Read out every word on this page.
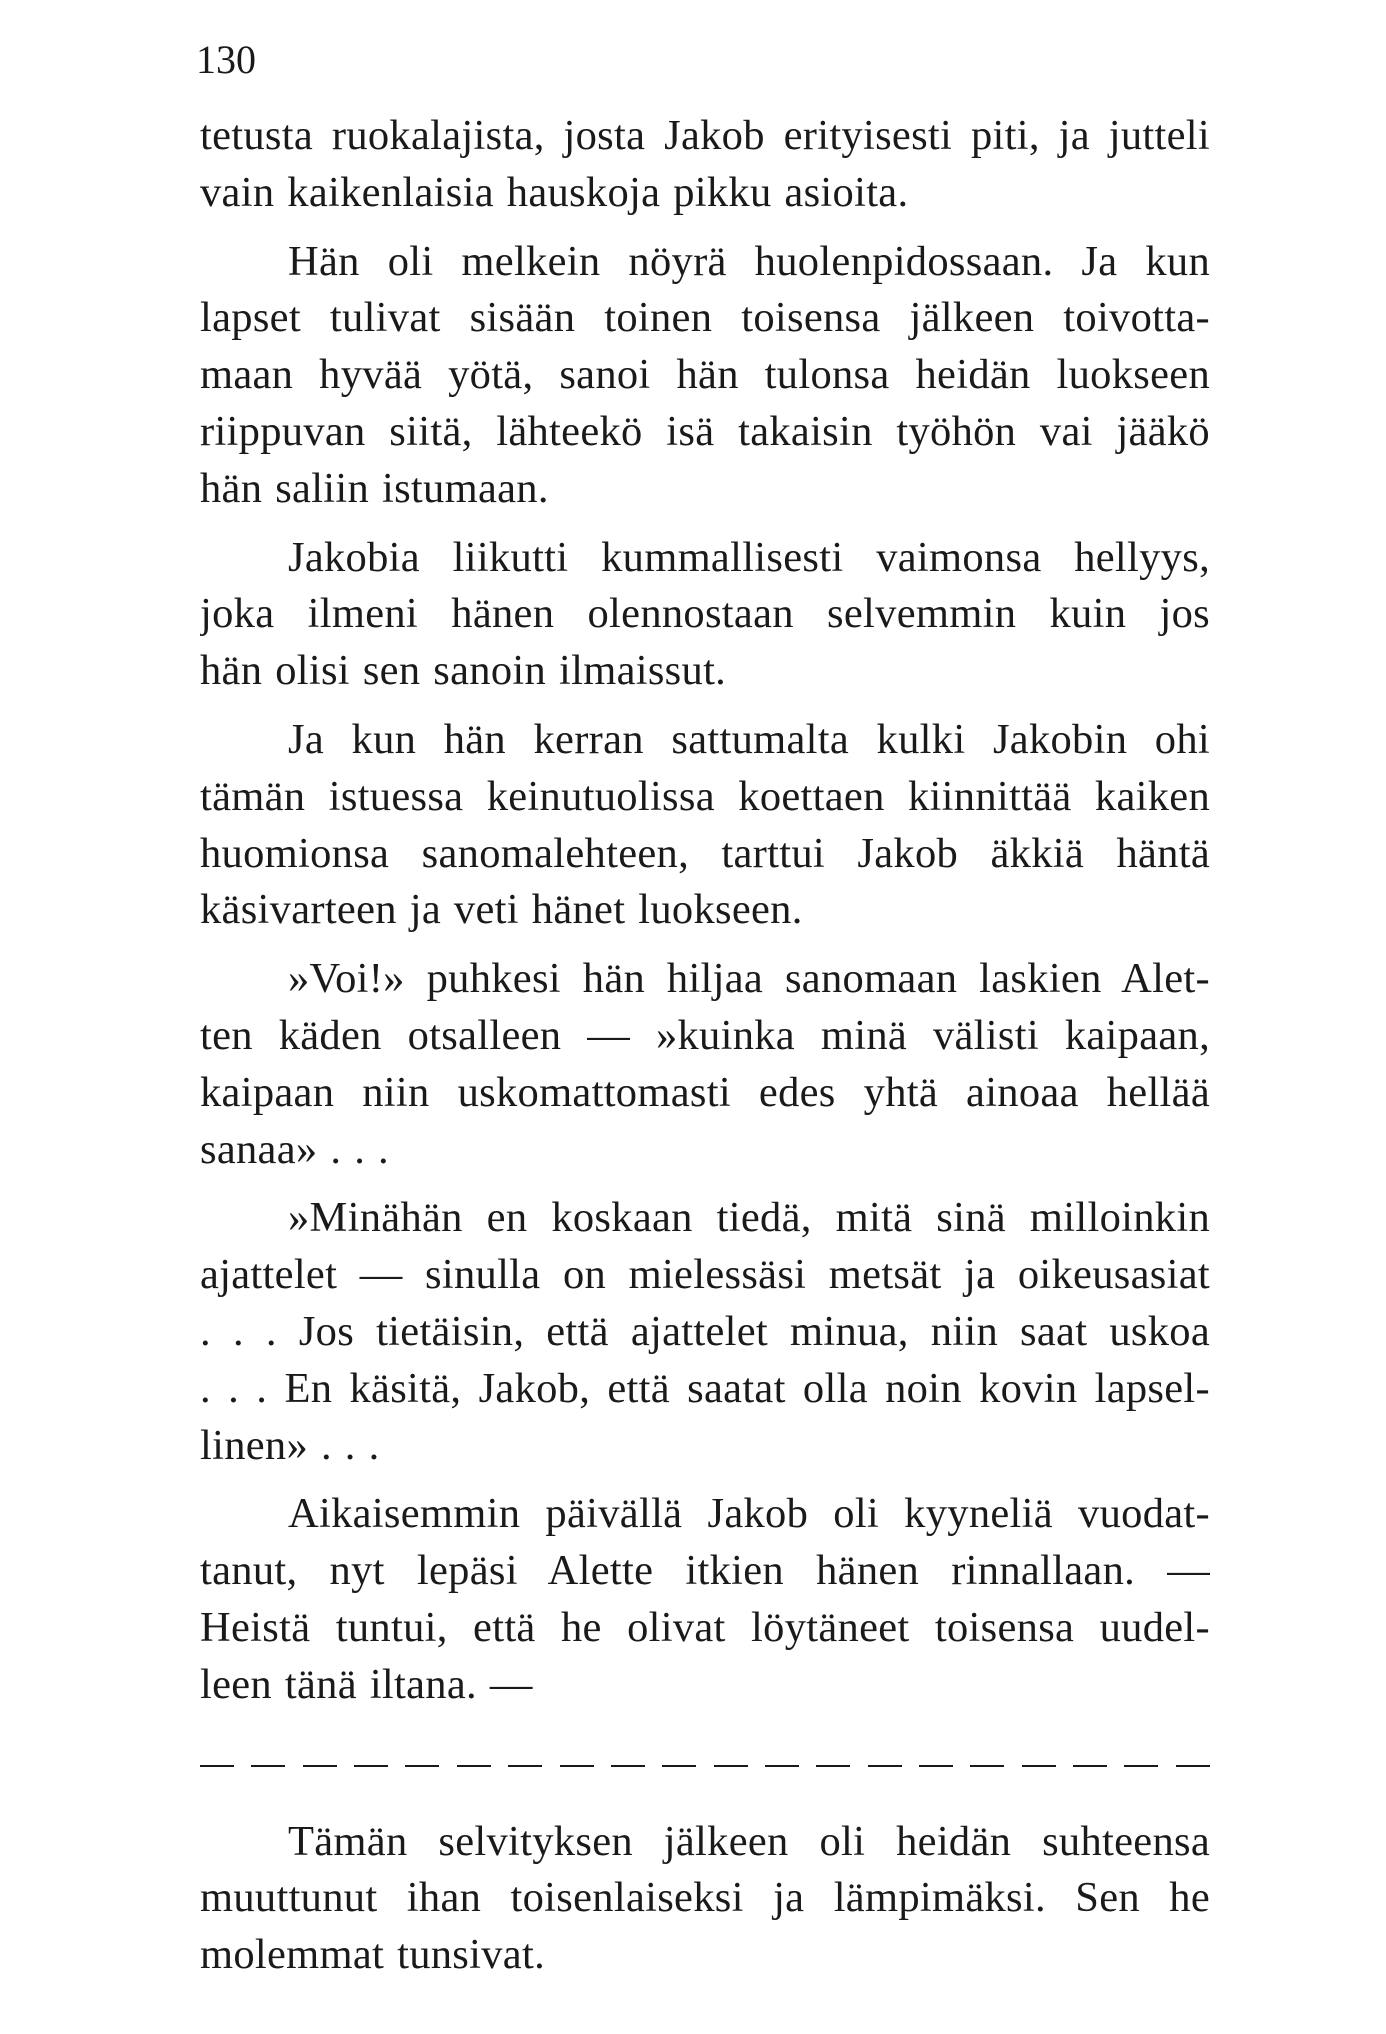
130
tetusta ruokalajista, josta Jakob erityisesti piti, ja jutteli
vain kaikenlaisia hauskoja pikku asioita.
Hän oli melkein nöyrä huolenpidossaan. Ja kun
lapset tulivat sisään toinen toisensa jälkeen toivotta-
maan hyvää yötä, sanoi hän tulonsa heidän luokseen
riippuvan siitä, lähteekö isä takaisin työhön vai jääkö
hän saliin istumaan.
Jakobia liikutti kummallisesti vaimonsa hellyys,
joka ilmeni hänen olennostaan selvemmin kuin jos
hän olisi sen sanoin ilmaissut.
Ja kun hän kerran sattumalta kulki Jakobin ohi
tämän istuessa keinutuolissa koettaen kiinnittää kaiken
huomionsa sanomalehteen, tarttui Jakob äkkiä häntä
käsivarteen ja veti hänet luokseen.
»Voi!» puhkesi hän hiljaa sanomaan laskien Alet-
ten käden otsalleen — »kuinka minä välisti kaipaan,
kaipaan niin uskomattomasti edes yhtä ainoaa hellää
sanaa» . . .
»Minähän en koskaan tiedä, mitä sinä milloinkin
ajattelet — sinulla on mielessäsi metsät ja oikeusasiat
. . . Jos tietäisin, että ajattelet minua, niin saat uskoa
. . . En käsitä, Jakob, että saatat olla noin kovin lapsel-
linen» . . .
Aikaisemmin päivällä Jakob oli kyyneliä vuodat-
tanut, nyt lepäsi Alette itkien hänen rinnallaan. —
Heistä tuntui, että he olivat löytäneet toisensa uudel-
leen tänä iltana. —
Tämän selvityksen jälkeen oli heidän suhteensa
muuttunut ihan toisenlaiseksi ja lämpimäksi. Sen he
molemmat tunsivat.
